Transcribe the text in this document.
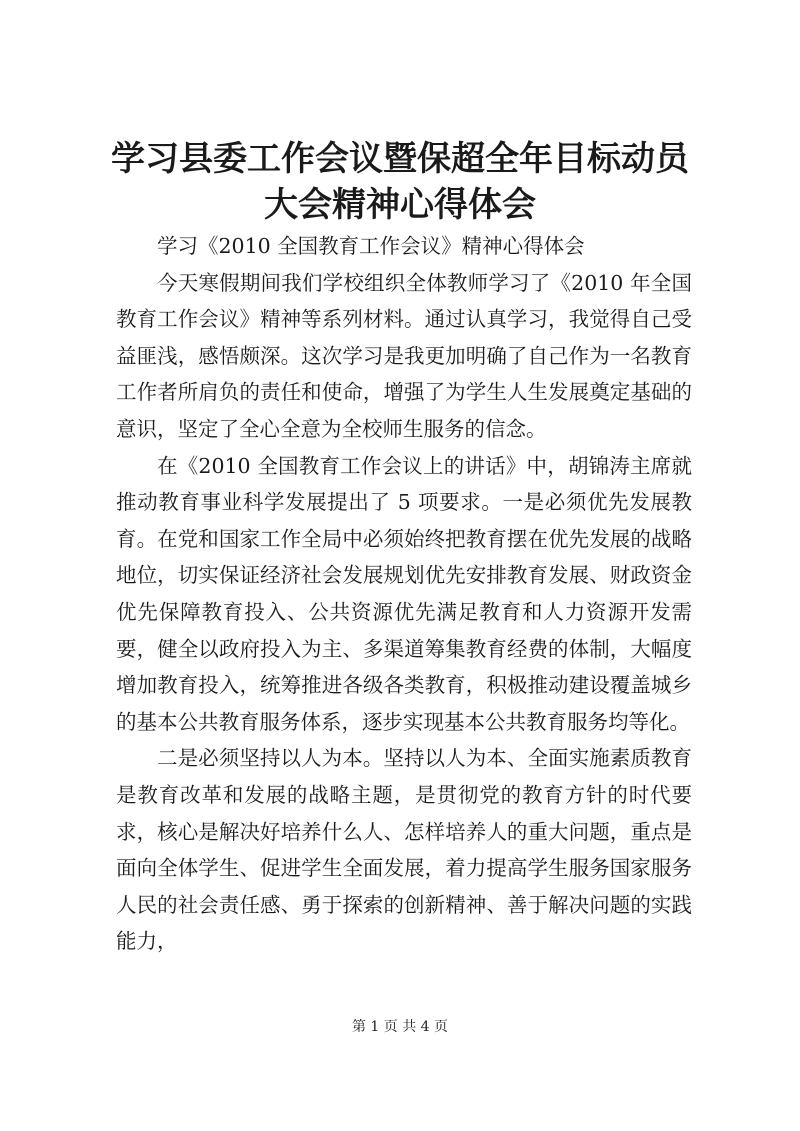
学习县委工作会议暨保超全年目标动员大会精神心得体会

学习《2010 全国教育工作会议》精神心得体会

今天寒假期间我们学校组织全体教师学习了《2010 年全国教育工作会议》精神等系列材料。通过认真学习，我觉得自己受益匪浅，感悟颇深。这次学习是我更加明确了自己作为一名教育工作者所肩负的责任和使命，增强了为学生人生发展奠定基础的意识，坚定了全心全意为全校师生服务的信念。

在《2010 全国教育工作会议上的讲话》中，胡锦涛主席就推动教育事业科学发展提出了 5 项要求。一是必须优先发展教育。在党和国家工作全局中必须始终把教育摆在优先发展的战略地位，切实保证经济社会发展规划优先安排教育发展、财政资金优先保障教育投入、公共资源优先满足教育和人力资源开发需要，健全以政府投入为主、多渠道筹集教育经费的体制，大幅度增加教育投入，统筹推进各级各类教育，积极推动建设覆盖城乡的基本公共教育服务体系，逐步实现基本公共教育服务均等化。

二是必须坚持以人为本。坚持以人为本、全面实施素质教育是教育改革和发展的战略主题，是贯彻党的教育方针的时代要求，核心是解决好培养什么人、怎样培养人的重大问题，重点是面向全体学生、促进学生全面发展，着力提高学生服务国家服务人民的社会责任感、勇于探索的创新精神、善于解决问题的实践能力，

第 1 页 共 4 页
